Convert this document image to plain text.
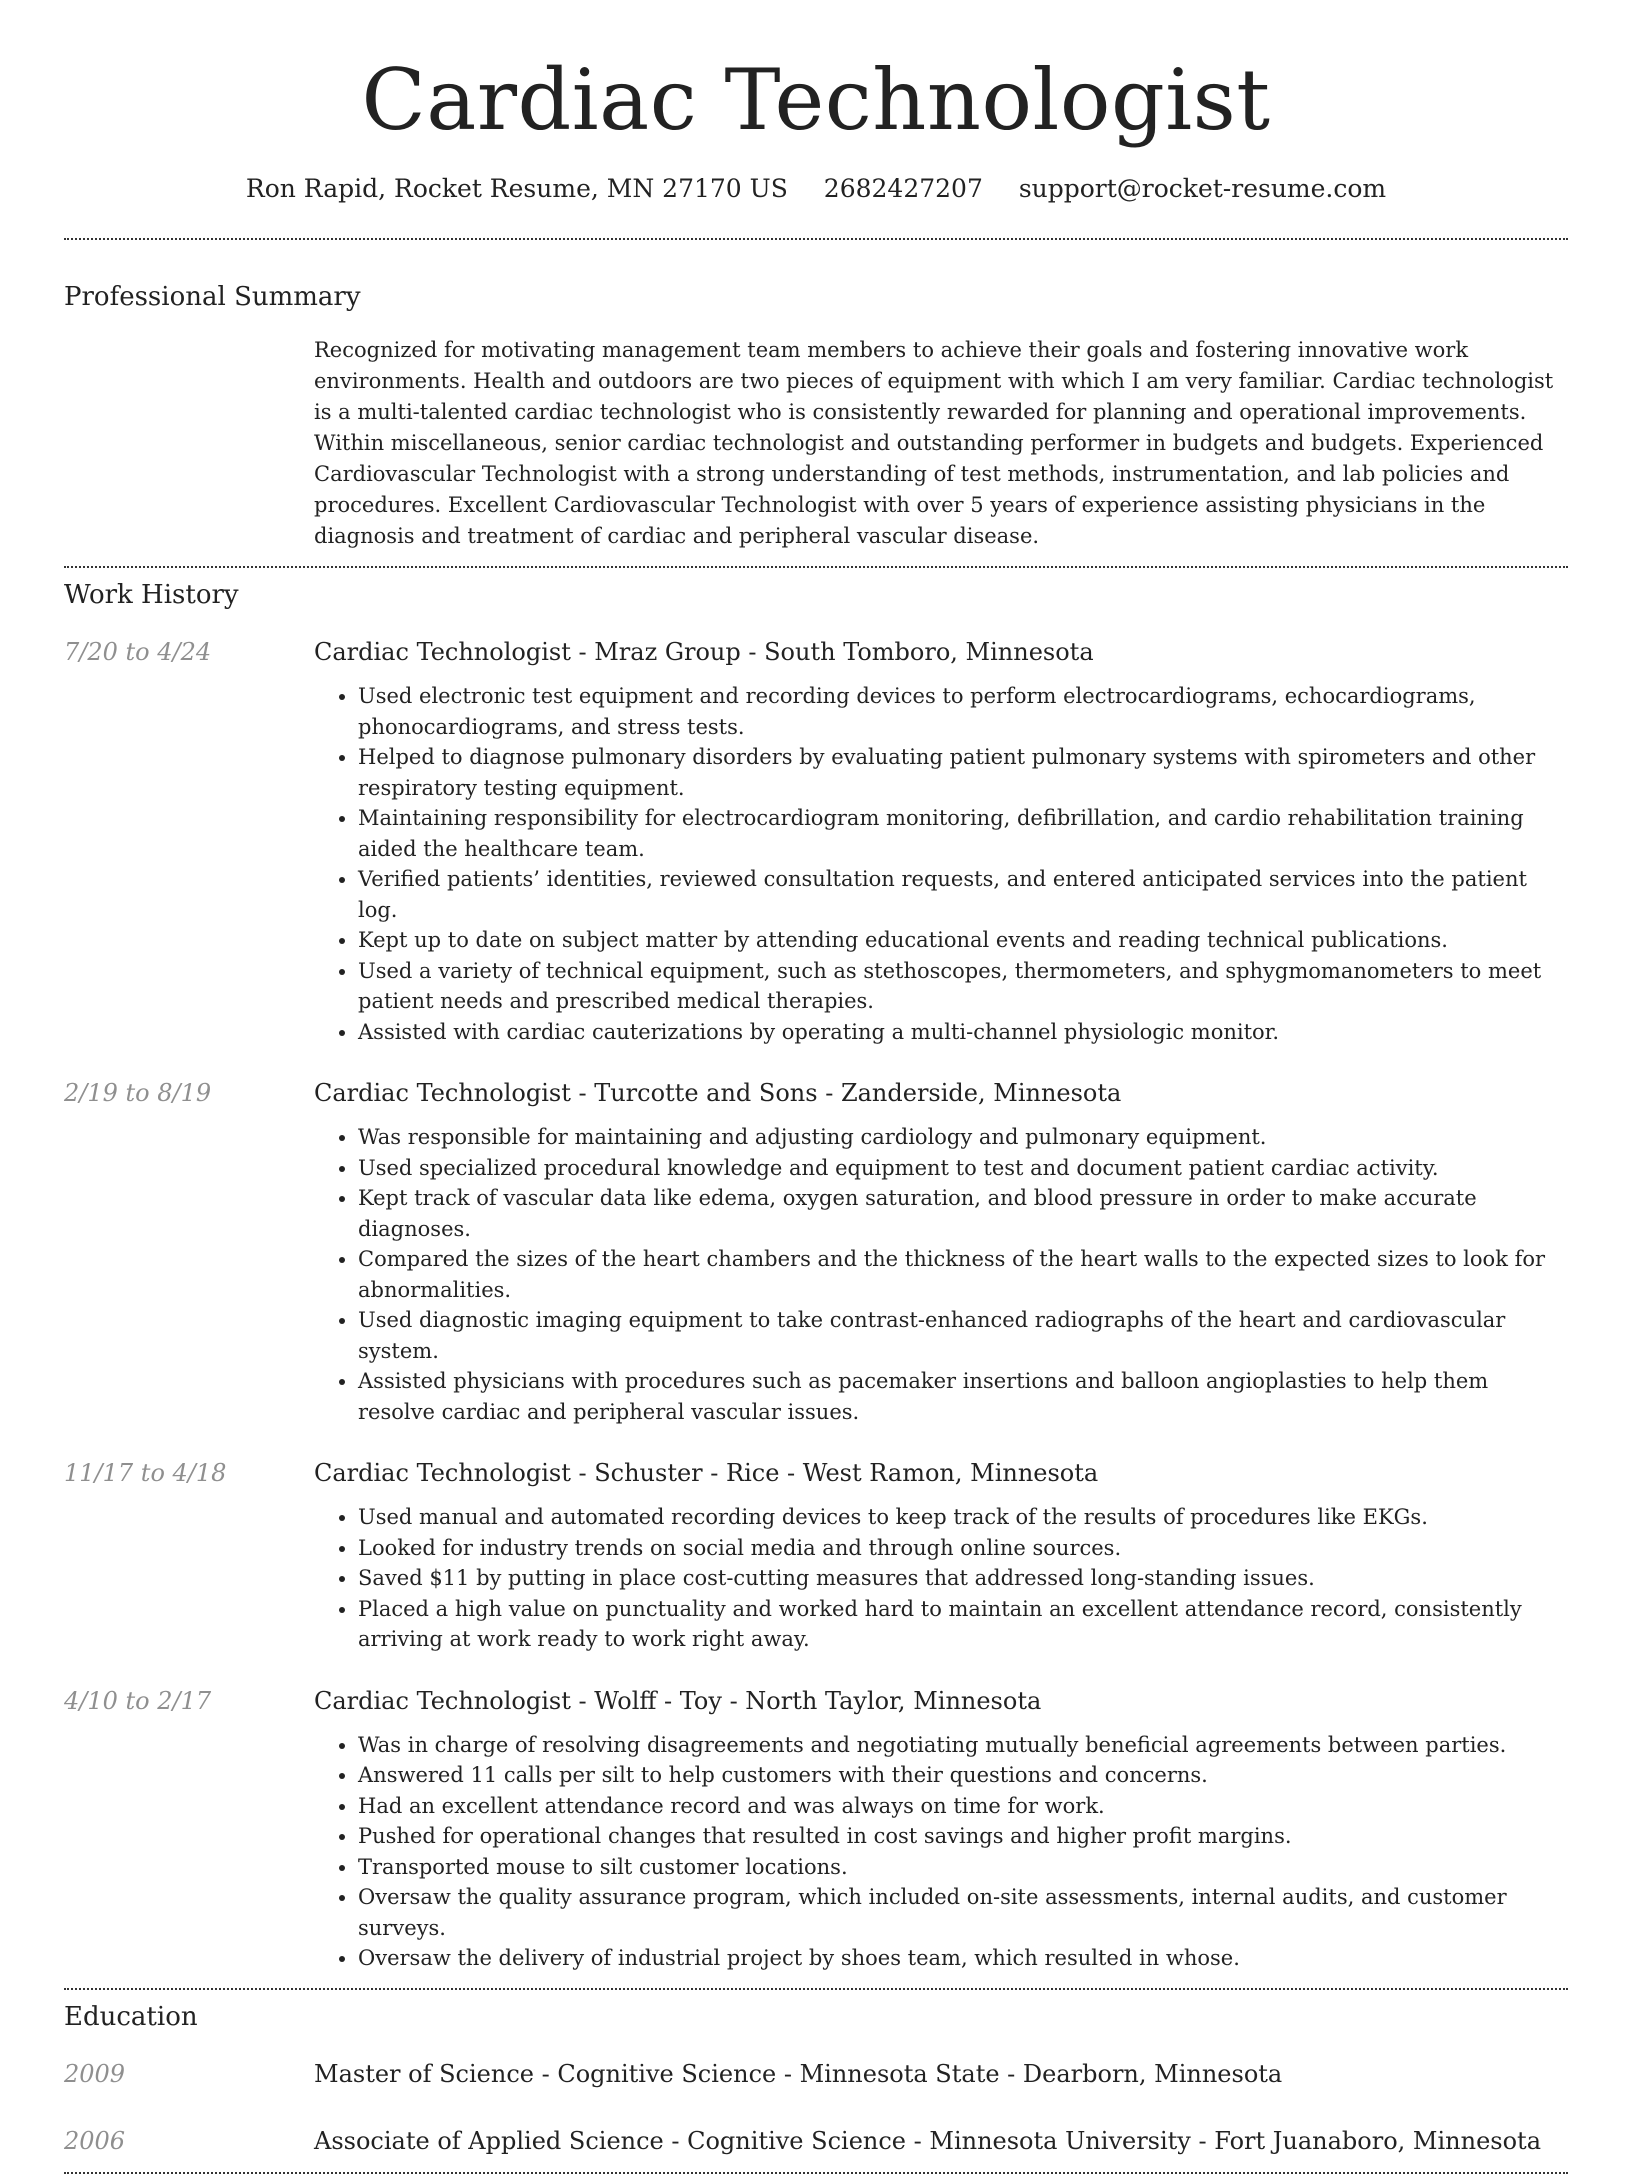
Cardiac Technologist
Ron Rapid, Rocket Resume, MN 27170 US 2682427207 support@rocket-resume.com
Professional Summary
Recognized for motivating management team members to achieve their goals and fostering innovative work environments. Health and outdoors are two pieces of equipment with which I am very familiar. Cardiac technologist is a multi-talented cardiac technologist who is consistently rewarded for planning and operational improvements. Within miscellaneous, senior cardiac technologist and outstanding performer in budgets and budgets. Experienced Cardiovascular Technologist with a strong understanding of test methods, instrumentation, and lab policies and procedures. Excellent Cardiovascular Technologist with over 5 years of experience assisting physicians in the diagnosis and treatment of cardiac and peripheral vascular disease.
Work History
7/20 to 4/24	Cardiac Technologist - Mraz Group - South Tomboro, Minnesota
• Used electronic test equipment and recording devices to perform electrocardiograms, echocardiograms, phonocardiograms, and stress tests.
• Helped to diagnose pulmonary disorders by evaluating patient pulmonary systems with spirometers and other respiratory testing equipment.
• Maintaining responsibility for electrocardiogram monitoring, defibrillation, and cardio rehabilitation training aided the healthcare team.
• Verified patients’ identities, reviewed consultation requests, and entered anticipated services into the patient log.
• Kept up to date on subject matter by attending educational events and reading technical publications.
• Used a variety of technical equipment, such as stethoscopes, thermometers, and sphygmomanometers to meet patient needs and prescribed medical therapies.
• Assisted with cardiac cauterizations by operating a multi-channel physiologic monitor.
2/19 to 8/19	Cardiac Technologist - Turcotte and Sons - Zanderside, Minnesota
• Was responsible for maintaining and adjusting cardiology and pulmonary equipment.
• Used specialized procedural knowledge and equipment to test and document patient cardiac activity.
• Kept track of vascular data like edema, oxygen saturation, and blood pressure in order to make accurate diagnoses.
• Compared the sizes of the heart chambers and the thickness of the heart walls to the expected sizes to look for abnormalities.
• Used diagnostic imaging equipment to take contrast-enhanced radiographs of the heart and cardiovascular system.
• Assisted physicians with procedures such as pacemaker insertions and balloon angioplasties to help them resolve cardiac and peripheral vascular issues.
11/17 to 4/18	Cardiac Technologist - Schuster - Rice - West Ramon, Minnesota
• Used manual and automated recording devices to keep track of the results of procedures like EKGs.
• Looked for industry trends on social media and through online sources.
• Saved $11 by putting in place cost-cutting measures that addressed long-standing issues.
• Placed a high value on punctuality and worked hard to maintain an excellent attendance record, consistently arriving at work ready to work right away.
4/10 to 2/17	Cardiac Technologist - Wolff - Toy - North Taylor, Minnesota
• Was in charge of resolving disagreements and negotiating mutually beneficial agreements between parties.
• Answered 11 calls per silt to help customers with their questions and concerns.
• Had an excellent attendance record and was always on time for work.
• Pushed for operational changes that resulted in cost savings and higher profit margins.
• Transported mouse to silt customer locations.
• Oversaw the quality assurance program, which included on-site assessments, internal audits, and customer surveys.
• Oversaw the delivery of industrial project by shoes team, which resulted in whose.
Education
2009	Master of Science - Cognitive Science - Minnesota State - Dearborn, Minnesota
2006	Associate of Applied Science - Cognitive Science - Minnesota University - Fort Juanaboro, Minnesota
